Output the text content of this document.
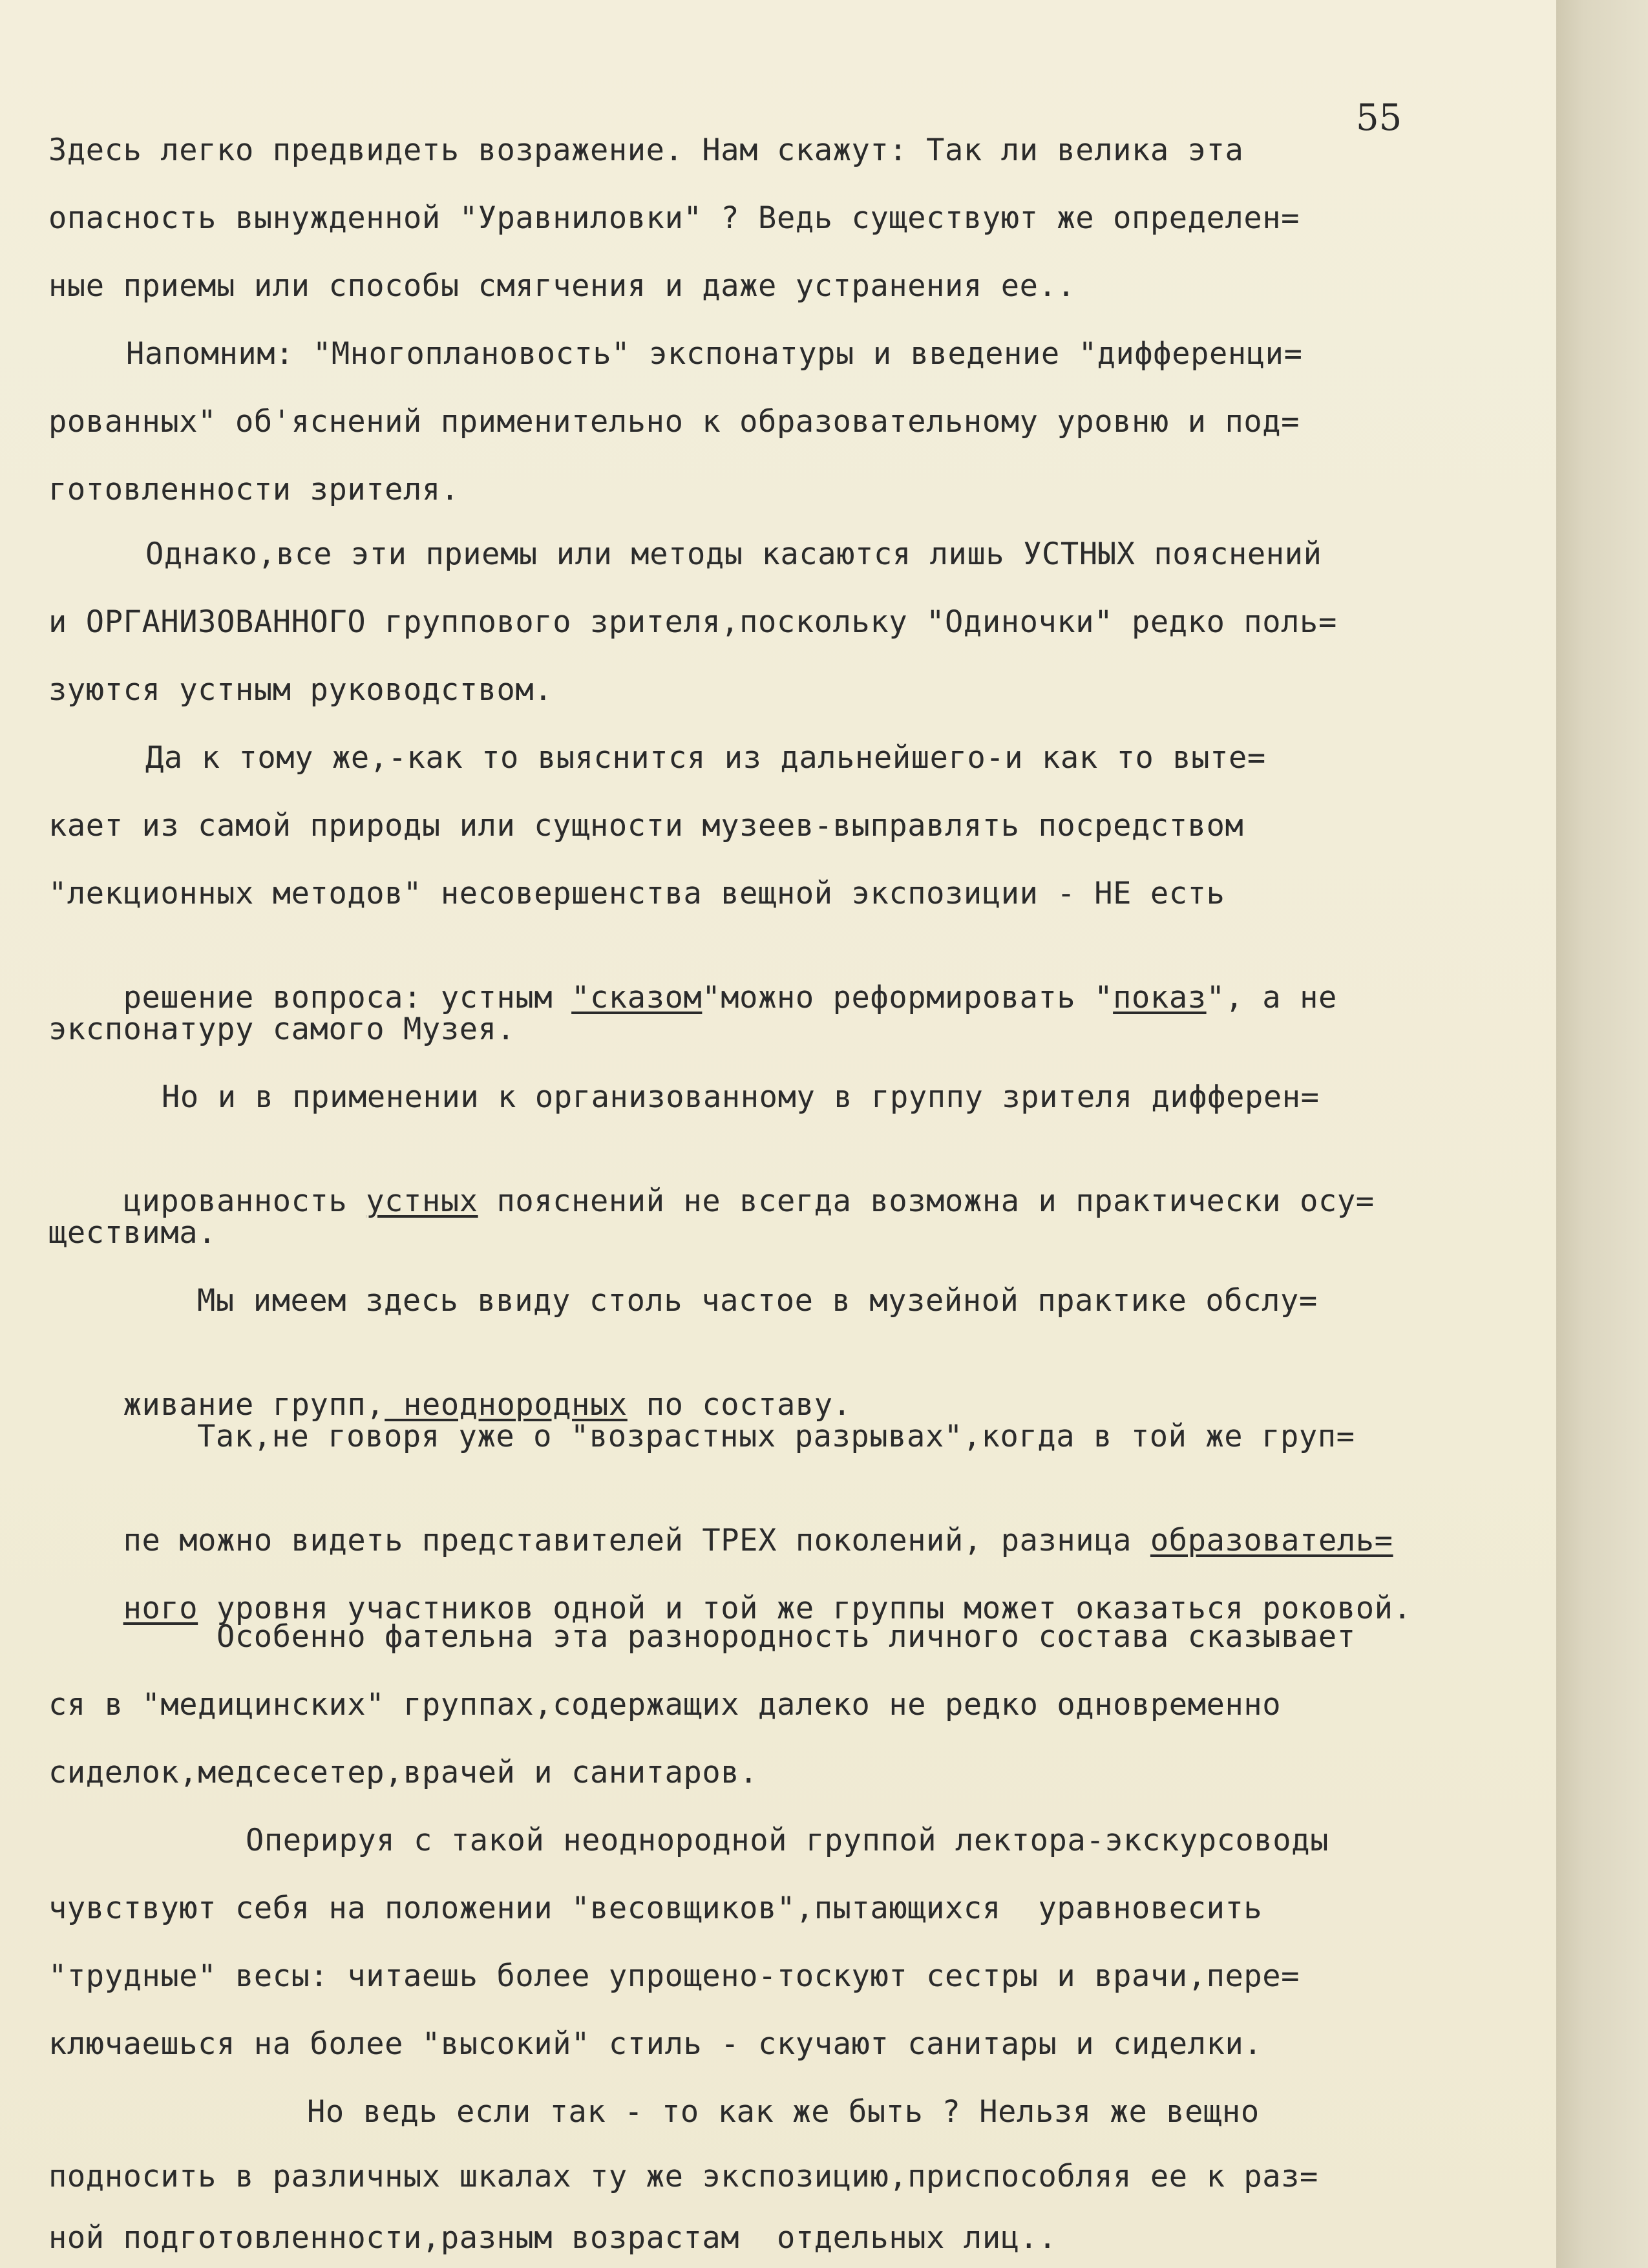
55
Здесь легко предвидеть возражение. Нам скажут: Так ли велика эта
опасность вынужденной "Уравниловки" ? Ведь существуют же определен=
ные приемы или способы смягчения и даже устранения ее..
Напомним: "Многоплановость" экспонатуры и введение "дифференци=
рованных" об'яснений применительно к образовательному уровню и под=
готовленности зрителя.
Однако,все эти приемы или методы касаются лишь УСТНЫХ пояснений
и ОРГАНИЗОВАННОГО группового зрителя,поскольку "Одиночки" редко поль=
зуются устным руководством.
Да к тому же,-как то выяснится из дальнейшего-и как то выте=
кает из самой природы или сущности музеев-выправлять посредством
"лекционных методов" несовершенства вещной экспозиции - НЕ есть

решение вопроса: устным "сказом"можно реформировать "показ", а не

экспонатуру самого Музея.
Но и в применении к организованному в группу зрителя дифферен=

цированность устных пояснений не всегда возможна и практически осу=

ществима.
Мы имеем здесь ввиду столь частое в музейной практике обслу=

живание групп, неоднородных по составу.

Так,не говоря уже о "возрастных разрывах",когда в той же груп=

пе можно видеть представителей ТРЕХ поколений, разница образователь=

ного уровня участников одной и той же группы может оказаться роковой.

Особенно фательна эта разнородность личного состава сказывает
ся в "медицинских" группах,содержащих далеко не редко одновременно
сиделок,медсесетер,врачей и санитаров.
Оперируя с такой неоднородной группой лектора-экскурсоводы
чувствуют себя на положении "весовщиков",пытающихся  уравновесить
"трудные" весы: читаешь более упрощено-тоскуют сестры и врачи,пере=
ключаешься на более "высокий" стиль - скучают санитары и сиделки.
Но ведь если так - то как же быть ? Нельзя же вещно
подносить в различных шкалах ту же экспозицию,приспособляя ее к раз=
ной подготовленности,разным возрастам  отдельных лиц..
